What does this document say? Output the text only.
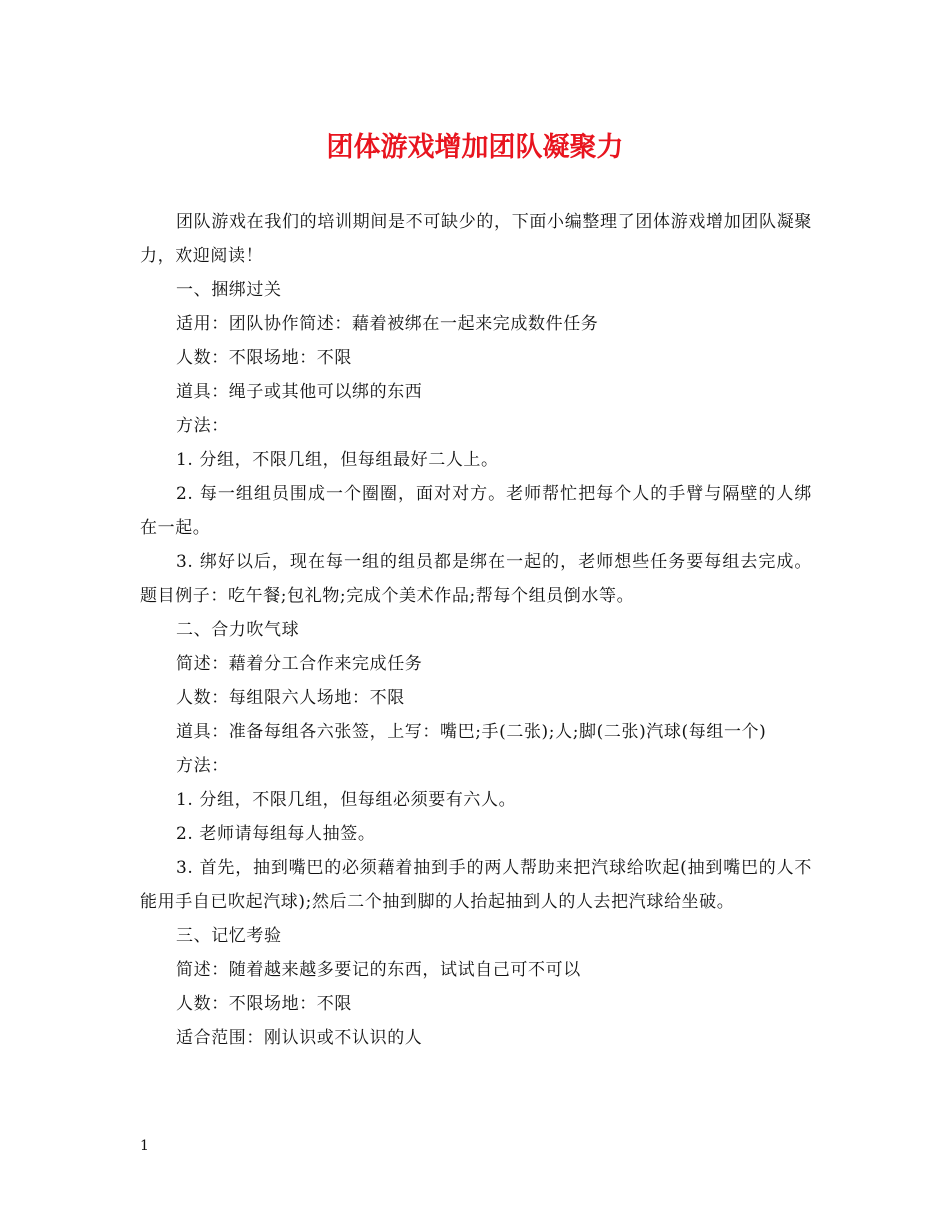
团体游戏增加团队凝聚力

团队游戏在我们的培训期间是不可缺少的，下面小编整理了团体游戏增加团队凝聚力，欢迎阅读！

一、捆绑过关

适用：团队协作简述：藉着被绑在一起来完成数件任务

人数：不限场地：不限

道具：绳子或其他可以绑的东西

方法：

1. 分组，不限几组，但每组最好二人上。

2. 每一组组员围成一个圈圈，面对对方。老师帮忙把每个人的手臂与隔壁的人绑在一起。

3. 绑好以后，现在每一组的组员都是绑在一起的，老师想些任务要每组去完成。题目例子：吃午餐;包礼物;完成个美术作品;帮每个组员倒水等。

二、合力吹气球

简述：藉着分工合作来完成任务

人数：每组限六人场地：不限

道具：准备每组各六张签，上写：嘴巴;手(二张);人;脚(二张)汽球(每组一个)

方法：

1. 分组，不限几组，但每组必须要有六人。

2. 老师请每组每人抽签。

3. 首先，抽到嘴巴的必须藉着抽到手的两人帮助来把汽球给吹起(抽到嘴巴的人不能用手自已吹起汽球);然后二个抽到脚的人抬起抽到人的人去把汽球给坐破。

三、记忆考验

简述：随着越来越多要记的东西，试试自己可不可以

人数：不限场地：不限

适合范围：刚认识或不认识的人

1
